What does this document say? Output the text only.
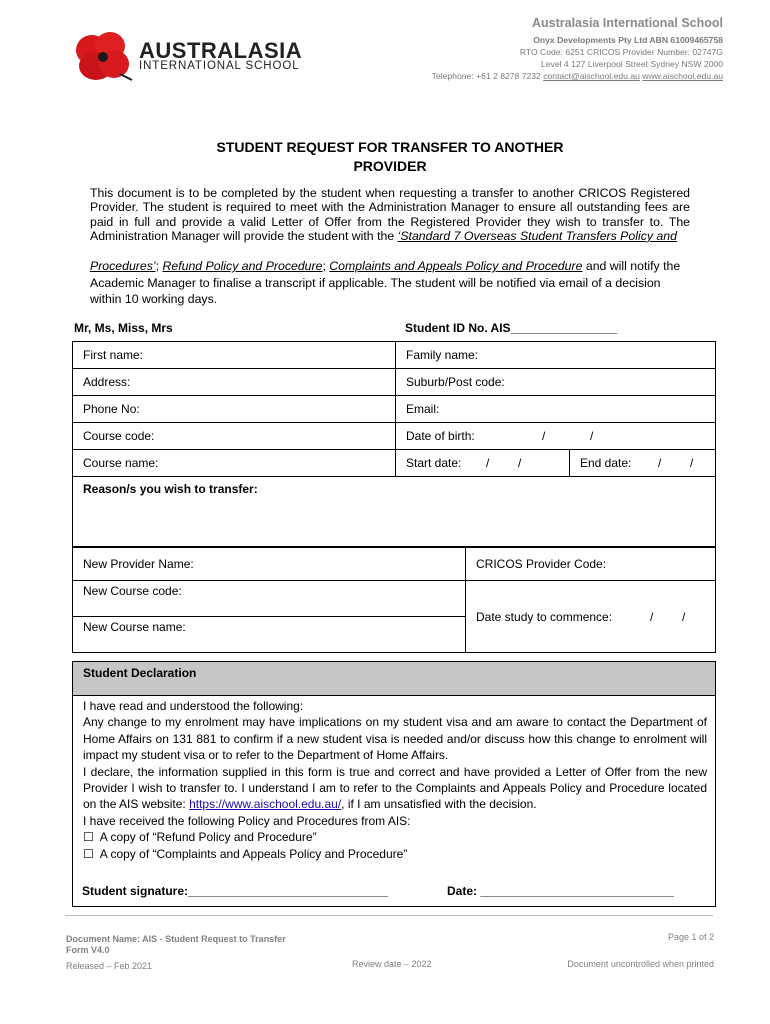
AUSTRALASIA
INTERNATIONAL SCHOOL
Australasia International School
Onyx Developments Pty Ltd ABN 61009465758
RTO Code: 6251 CRICOS Provider Number: 02747G
Level 4 127 Liverpool Street Sydney NSW 2000
Telephone: +61 2 8278 7232 contact@aischool.edu.au www.aischool.edu.au
STUDENT REQUEST FOR TRANSFER TO ANOTHER
PROVIDER
This document is to be completed by the student when requesting a transfer to another CRICOS Registered Provider. The student is required to meet with the Administration Manager to ensure all outstanding fees are paid in full and provide a valid Letter of Offer from the Registered Provider they wish to transfer to. The Administration Manager will provide the student with the ‘Standard 7 Overseas Student Transfers Policy and
Procedures’; Refund Policy and Procedure; Complaints and Appeals Policy and Procedure and will notify the Academic Manager to finalise a transcript if applicable. The student will be notified via email of a decision within 10 working days.
Mr, Ms, Miss, Mrs	Student ID No. AIS________________
First name:	Family name:	
Address:	Suburb/Post code:	
Phone No:	Email:	
Course code:	Date of birth: / /	

Course name:	Start date: / /	End date: / /

Reason/s you wish to transfer:		
New Provider Name:	CRICOS Provider Code:
New Course code:	Date study to commence: / /

New Course name:	
Student Declaration

I have read and understood the following:

Any change to my enrolment may have implications on my student visa and am aware to contact the Department of Home Affairs on 131 881 to confirm if a new student visa is needed and/or discuss how this change to enrolment will impact my student visa or to refer to the Department of Home Affairs.

I declare, the information supplied in this form is true and correct and have provided a Letter of Offer from the new Provider I wish to transfer to. I understand I am to refer to the Complaints and Appeals Policy and Procedure located on the AIS website: https://www.aischool.edu.au/, if I am unsatisfied with the decision.

I have received the following Policy and Procedures from AIS:

☐ A copy of “Refund Policy and Procedure”

☐ A copy of “Complaints and Appeals Policy and Procedure”

Student signature:______________________________	Date: _____________________________
Document Name: AIS - Student Request to Transfer Form V4.0
Page 1 of 2
Released – Feb 2021	Review date – 2022	Document uncontrolled when printed
